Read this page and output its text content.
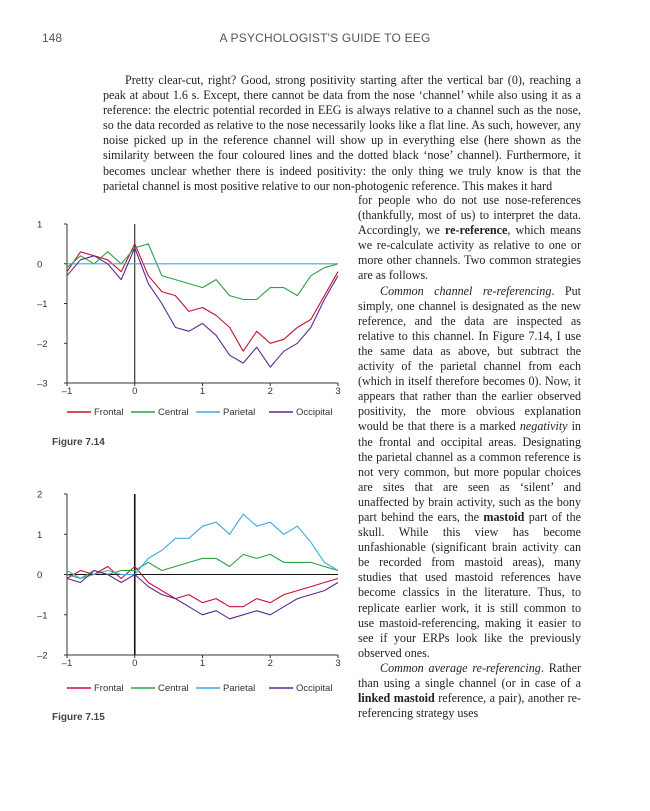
148	A PSYCHOLOGIST'S GUIDE TO EEG

Pretty clear-cut, right? Good, strong positivity starting after the vertical bar (0), reaching a peak at about 1.6 s. Except, there cannot be data from the nose ‘channel’ while also using it as a reference: the electric potential recorded in EEG is always relative to a channel such as the nose, so the data recorded as relative to the nose necessarily looks like a flat line. As such, however, any noise picked up in the reference channel will show up in everything else (here shown as the similarity between the four coloured lines and the dotted black ‘nose’ channel). Furthermore, it becomes unclear whether there is indeed positivity: the only thing we truly know is that the parietal channel is most positive relative to our non-photogenic reference. This makes it hard

1
0
–1
–2
–3
–1	0	1	2	3
Frontal	Central	Parietal	Occipital
Figure 7.14
2
1
0
–1
–2
–1	0	1	2	3
Frontal	Central	Parietal	Occipital
Figure 7.15

for people who do not use nose-references (thankfully, most of us) to interpret the data. Accordingly, we re-reference, which means we re-calculate activity as relative to one or more other channels. Two common strategies are as follows.

Common channel re-referencing. Put simply, one channel is designated as the new reference, and the data are inspected as relative to this channel. In Figure 7.14, I use the same data as above, but subtract the activity of the parietal channel from each (which in itself therefore becomes 0). Now, it appears that rather than the earlier observed positivity, the more obvious explanation would be that there is a marked negativity in the frontal and occipital areas. Designating the parietal channel as a common reference is not very common, but more popular choices are sites that are seen as ‘silent’ and unaffected by brain activity, such as the bony part behind the ears, the mastoid part of the skull. While this view has become unfashionable (significant brain activity can be recorded from mastoid areas), many studies that used mastoid references have become classics in the literature. Thus, to replicate earlier work, it is still common to use mastoid-referencing, making it easier to see if your ERPs look like the previously observed ones.

Common average re-referencing. Rather than using a single channel (or in case of a linked mastoid reference, a pair), another re-referencing strategy uses
